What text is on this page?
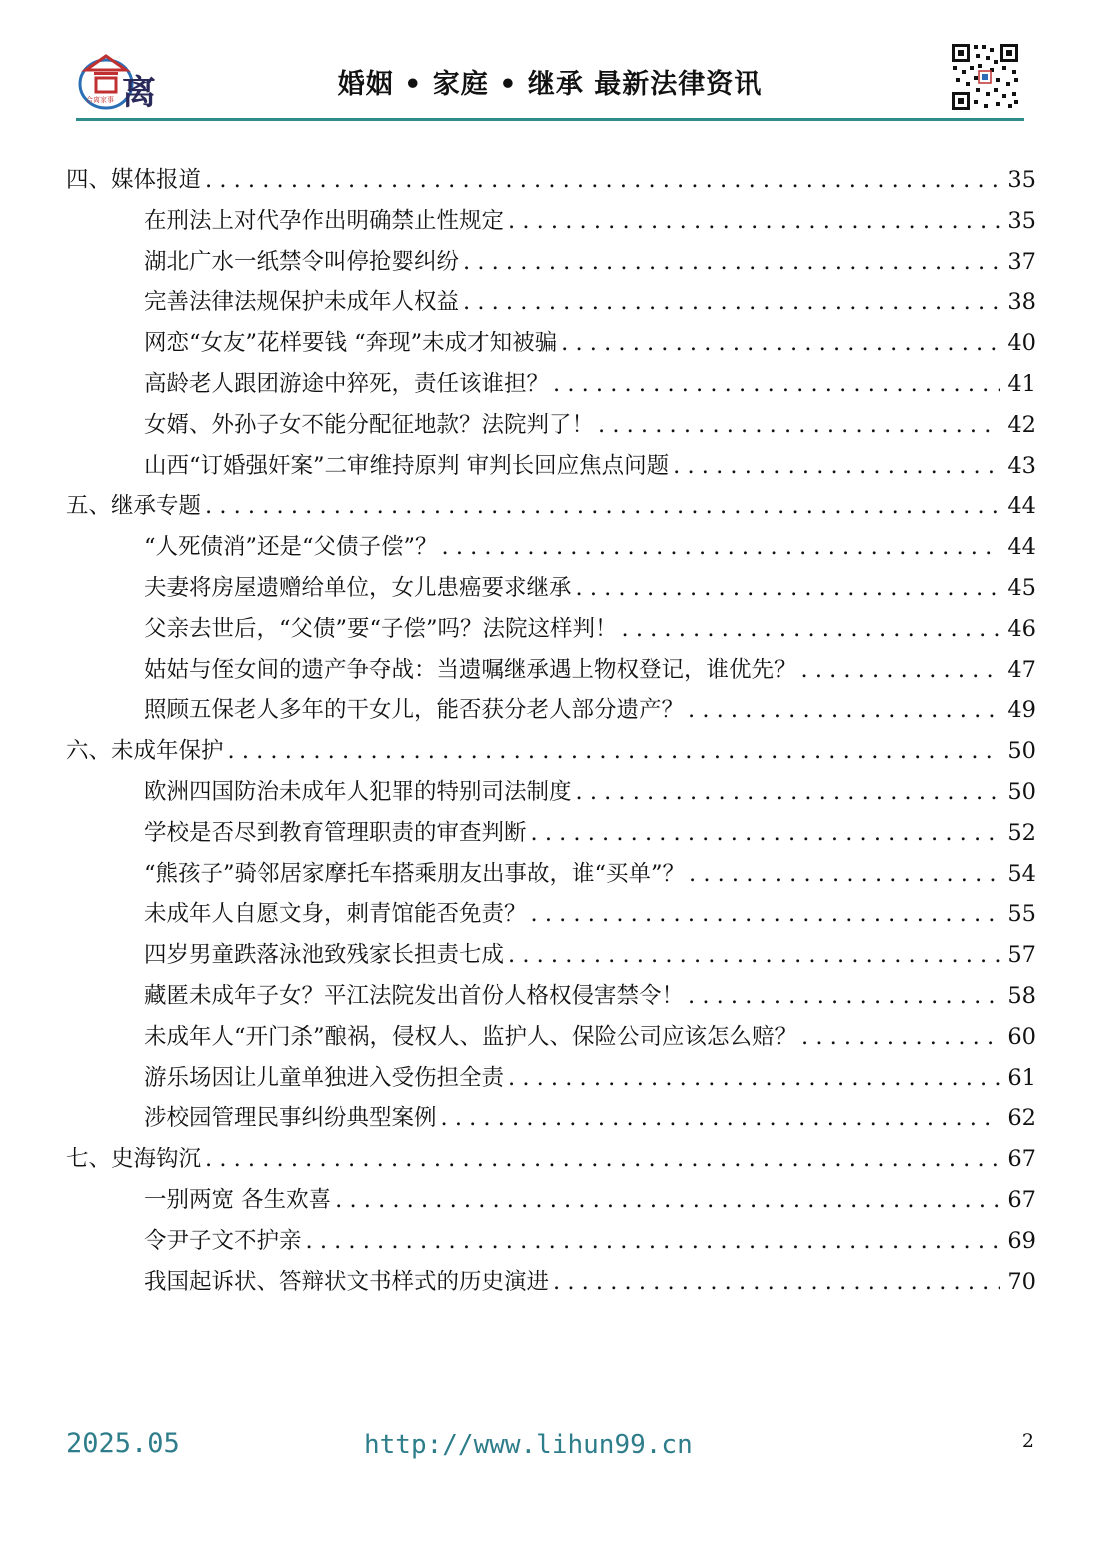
离
合离家事	婚姻 • 家庭 • 继承 最新法律资讯
四、媒体报道 . . .	35
在刑法上对代孕作出明确禁止性规定 . . .	35
湖北广水一纸禁令叫停抢婴纠纷 . . .	37
完善法律法规保护未成年人权益 . . .	38
网恋“女友”花样要钱 “奔现”未成才知被骗 . . .	40
高龄老人跟团游途中猝死，责任该谁担？ . . .	41
女婿、外孙子女不能分配征地款？法院判了！ . . .	42
山西“订婚强奸案”二审维持原判 审判长回应焦点问题 . . .	43
五、继承专题 . . .	44
“人死债消”还是“父债子偿”？ . . .	44
夫妻将房屋遗赠给单位，女儿患癌要求继承 . . .	45
父亲去世后，“父债”要“子偿”吗？法院这样判！ . . .	46
姑姑与侄女间的遗产争夺战：当遗嘱继承遇上物权登记，谁优先？ . . .	47
照顾五保老人多年的干女儿，能否获分老人部分遗产？ . . .	49
六、未成年保护 . . .	50
欧洲四国防治未成年人犯罪的特别司法制度 . . .	50
学校是否尽到教育管理职责的审查判断 . . .	52
“熊孩子”骑邻居家摩托车搭乘朋友出事故，谁“买单”？ . . .	54
未成年人自愿文身，刺青馆能否免责？ . . .	55
四岁男童跌落泳池致残家长担责七成 . . .	57
藏匿未成年子女？平江法院发出首份人格权侵害禁令！ . . .	58
未成年人“开门杀”酿祸，侵权人、监护人、保险公司应该怎么赔？ . . .	60
游乐场因让儿童单独进入受伤担全责 . . .	61
涉校园管理民事纠纷典型案例 . . .	62
七、史海钩沉 . . .	67
一别两宽 各生欢喜 . . .	67
令尹子文不护亲 . . .	69
我国起诉状、答辩状文书样式的历史演进 . . .	70
2025.05	http://www.lihun99.cn	2
